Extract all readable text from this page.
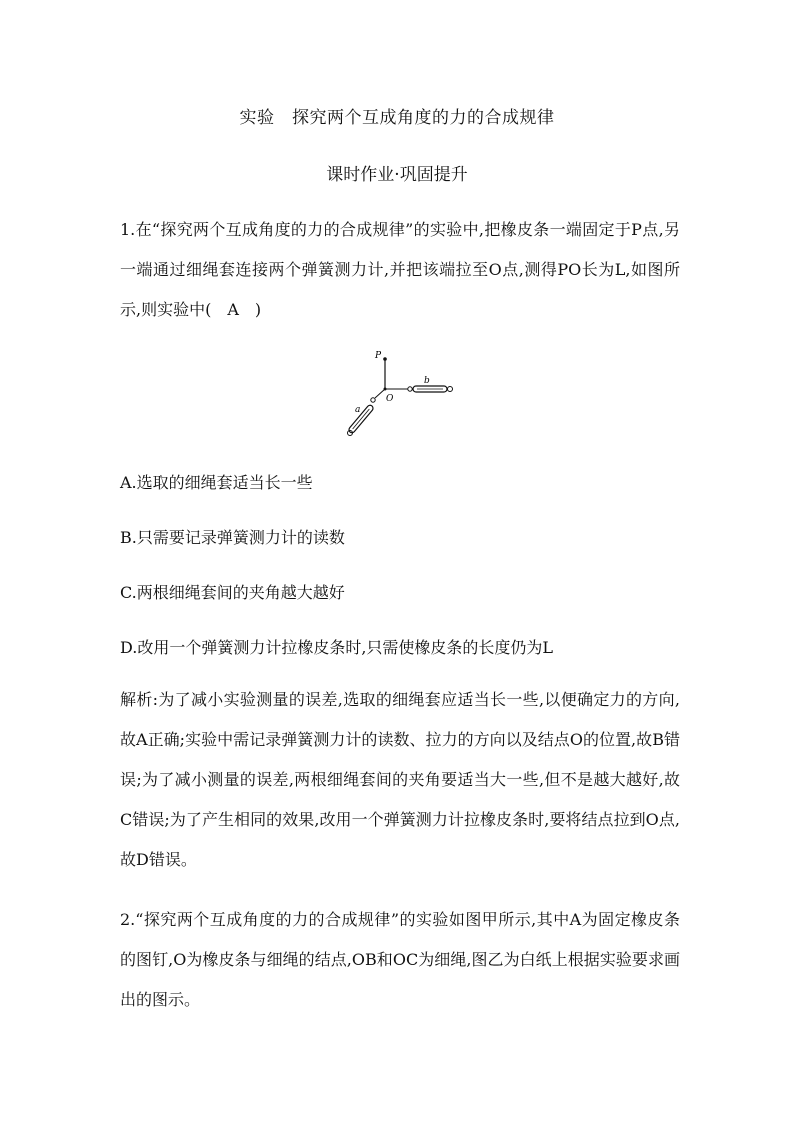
实验　探究两个互成角度的力的合成规律
课时作业·巩固提升
1.在“探究两个互成角度的力的合成规律”的实验中,把橡皮条一端固定于P点,另一端通过细绳套连接两个弹簧测力计,并把该端拉至O点,测得PO长为L,如图所示,则实验中(　A　)
P
O
b
a
A.选取的细绳套适当长一些
B.只需要记录弹簧测力计的读数
C.两根细绳套间的夹角越大越好
D.改用一个弹簧测力计拉橡皮条时,只需使橡皮条的长度仍为L
解析:为了减小实验测量的误差,选取的细绳套应适当长一些,以便确定力的方向,故A正确;实验中需记录弹簧测力计的读数、拉力的方向以及结点O的位置,故B错误;为了减小测量的误差,两根细绳套间的夹角要适当大一些,但不是越大越好,故C错误;为了产生相同的效果,改用一个弹簧测力计拉橡皮条时,要将结点拉到O点,故D错误。
2.“探究两个互成角度的力的合成规律”的实验如图甲所示,其中A为固定橡皮条的图钉,O为橡皮条与细绳的结点,OB和OC为细绳,图乙为白纸上根据实验要求画出的图示。
